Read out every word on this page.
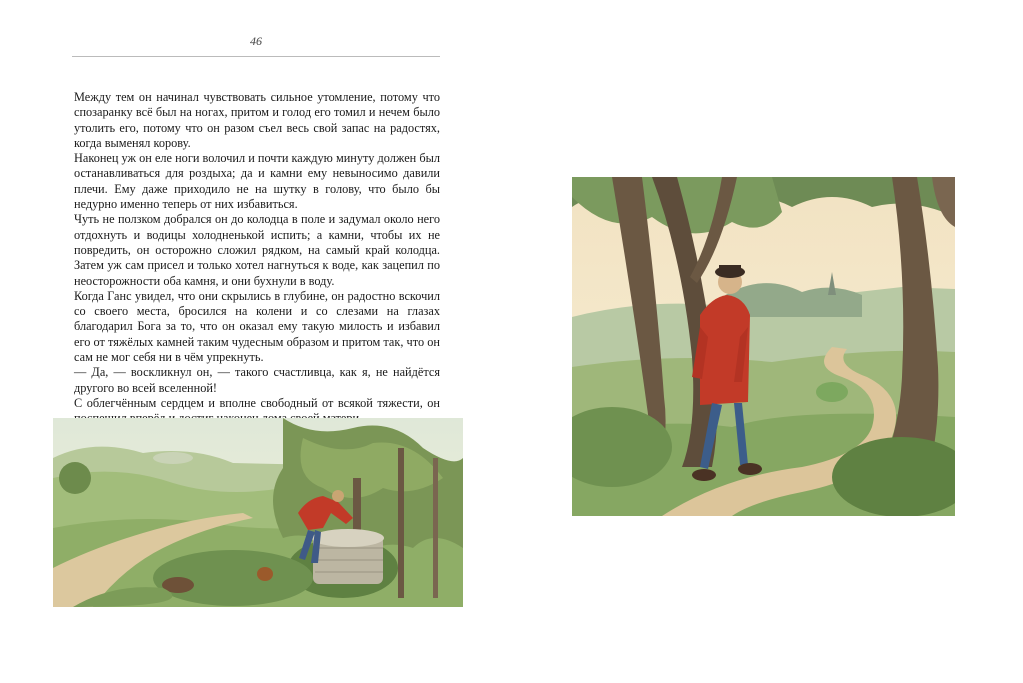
46

Между тем он начинал чувствовать сильное утомление, потому что спозаранку всё был на ногах, притом и голод его томил и нечем было утолить его, потому что он разом съел весь свой запас на радостях, когда выменял корову.

Наконец уж он еле ноги волочил и почти каждую минуту должен был останавливаться для роздыха; да и камни ему невыносимо давили плечи. Ему даже приходило не на шутку в голову, что было бы недурно именно теперь от них избавиться.

Чуть не ползком добрался он до колодца в поле и задумал около него отдохнуть и водицы холодненькой испить; а камни, чтобы их не повредить, он осторожно сложил рядком, на самый край колодца. Затем уж сам присел и только хотел нагнуться к воде, как зацепил по неосторожности оба камня, и они бухнули в воду.

Когда Ганс увидел, что они скрылись в глубине, он радостно вскочил со своего места, бросился на колени и со слезами на глазах благодарил Бога за то, что он оказал ему такую милость и избавил его от тяжёлых камней таким чудесным образом и притом так, что он сам не мог себя ни в чём упрекнуть.

— Да, — воскликнул он, — такого счастливца, как я, не найдётся другого во всей вселенной!

С облегчённым сердцем и вполне свободный от всякой тяжести, он
